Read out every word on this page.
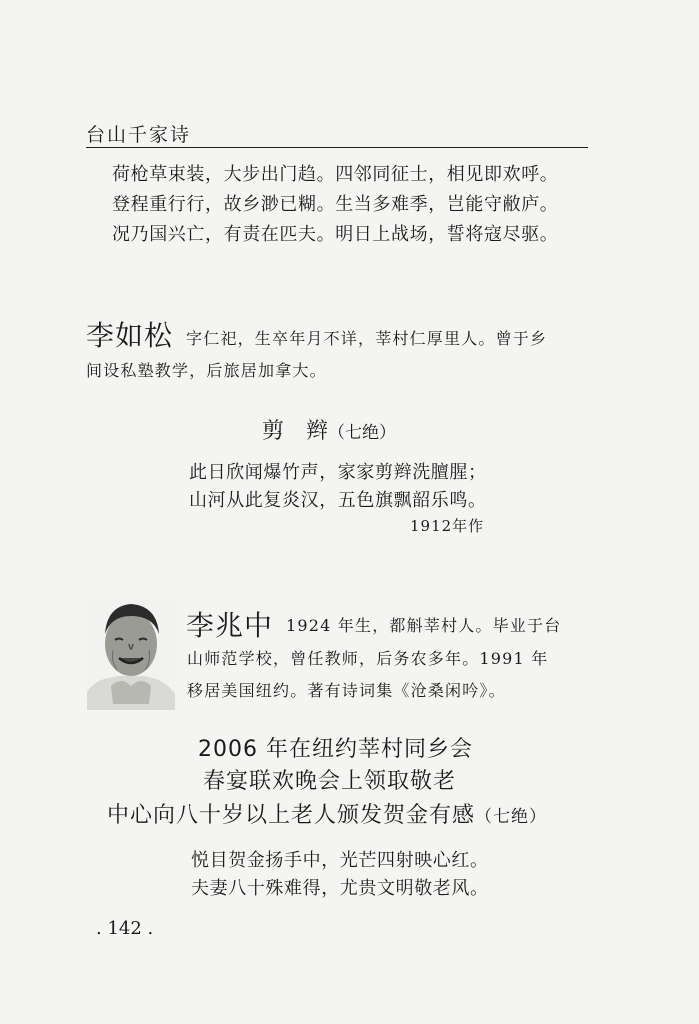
台山千家诗
荷枪草束装，大步出门趋。四邻同征士，相见即欢呼。
登程重行行，故乡渺已糊。生当多难季，岂能守敝庐。
况乃国兴亡，有责在匹夫。明日上战场，誓将寇尽驱。
李如松 字仁祀，生卒年月不详，莘村仁厚里人。曾于乡
间设私塾教学，后旅居加拿大。
剪　辫（七绝）
此日欣闻爆竹声，家家剪辫洗膻腥；
山河从此复炎汉，五色旗飘韶乐鸣。
1912年作
李兆中 1924 年生，都斛莘村人。毕业于台
山师范学校，曾任教师，后务农多年。1991 年
移居美国纽约。著有诗词集《沧桑闲吟》。
2006 年在纽约莘村同乡会
春宴联欢晚会上领取敬老
中心向八十岁以上老人颁发贺金有感（七绝）
悦目贺金扬手中，光芒四射映心红。
夫妻八十殊难得，尤贵文明敬老风。
. 142 .
